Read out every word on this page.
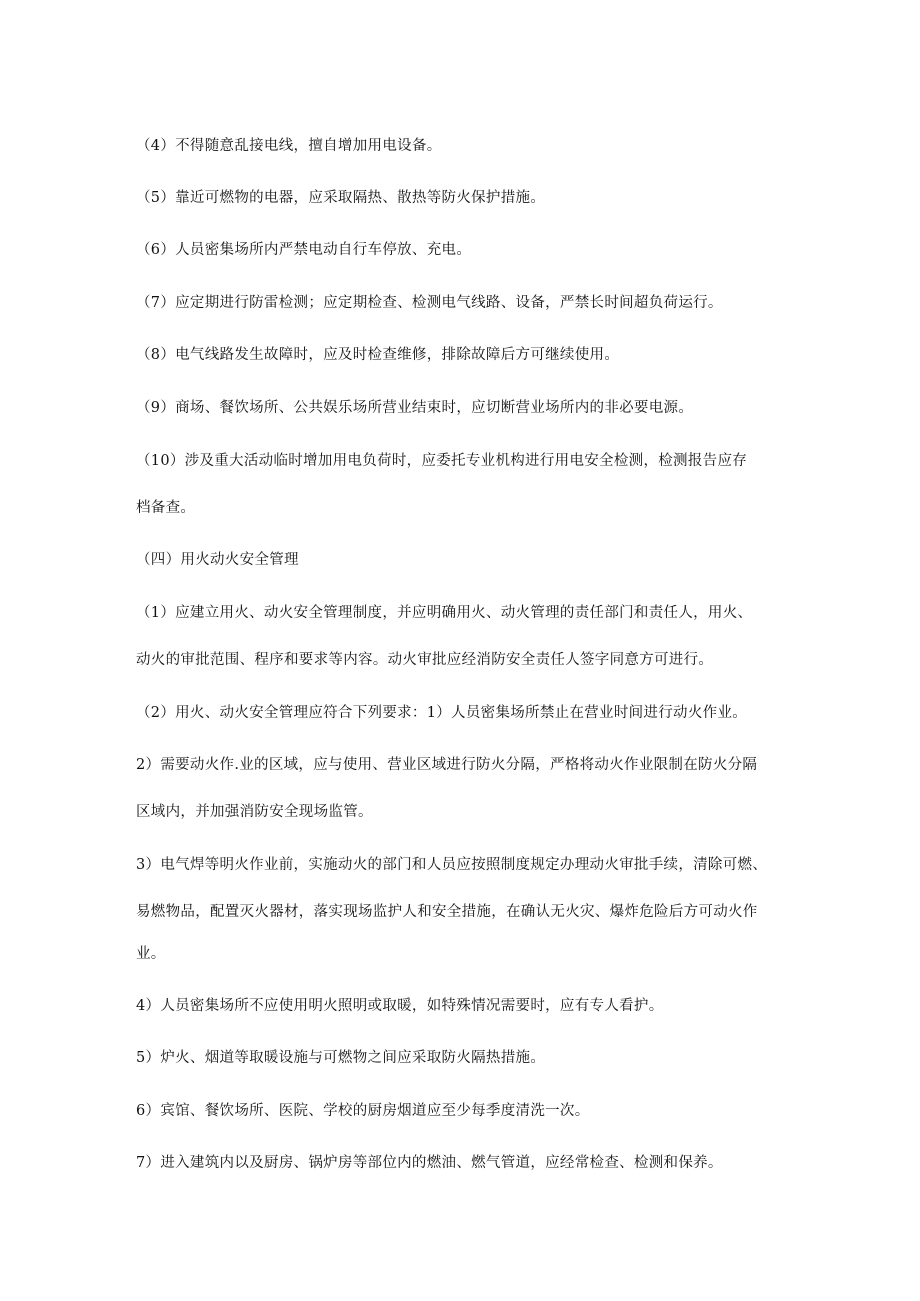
（4）不得随意乱接电线，擅自增加用电设备。
（5）靠近可燃物的电器，应采取隔热、散热等防火保护措施。
（6）人员密集场所内严禁电动自行车停放、充电。
（7）应定期进行防雷检测；应定期检查、检测电气线路、设备，严禁长时间超负荷运行。
（8）电气线路发生故障时，应及时检查维修，排除故障后方可继续使用。
（9）商场、餐饮场所、公共娱乐场所营业结束时，应切断营业场所内的非必要电源。
（10）涉及重大活动临时增加用电负荷时，应委托专业机构进行用电安全检测，检测报告应存
档备查。
（四）用火动火安全管理
（1）应建立用火、动火安全管理制度，并应明确用火、动火管理的责任部门和责任人，用火、
动火的审批范围、程序和要求等内容。动火审批应经消防安全责任人签字同意方可进行。
（2）用火、动火安全管理应符合下列要求：1）人员密集场所禁止在营业时间进行动火作业。
2）需要动火作.业的区域，应与使用、营业区域进行防火分隔，严格将动火作业限制在防火分隔
区域内，并加强消防安全现场监管。
3）电气焊等明火作业前，实施动火的部门和人员应按照制度规定办理动火审批手续，清除可燃、
易燃物品，配置灭火器材，落实现场监护人和安全措施，在确认无火灾、爆炸危险后方可动火作
业。
4）人员密集场所不应使用明火照明或取暖，如特殊情况需要时，应有专人看护。
5）炉火、烟道等取暖设施与可燃物之间应采取防火隔热措施。
6）宾馆、餐饮场所、医院、学校的厨房烟道应至少每季度清洗一次。
7）进入建筑内以及厨房、锅炉房等部位内的燃油、燃气管道，应经常检查、检测和保养。
